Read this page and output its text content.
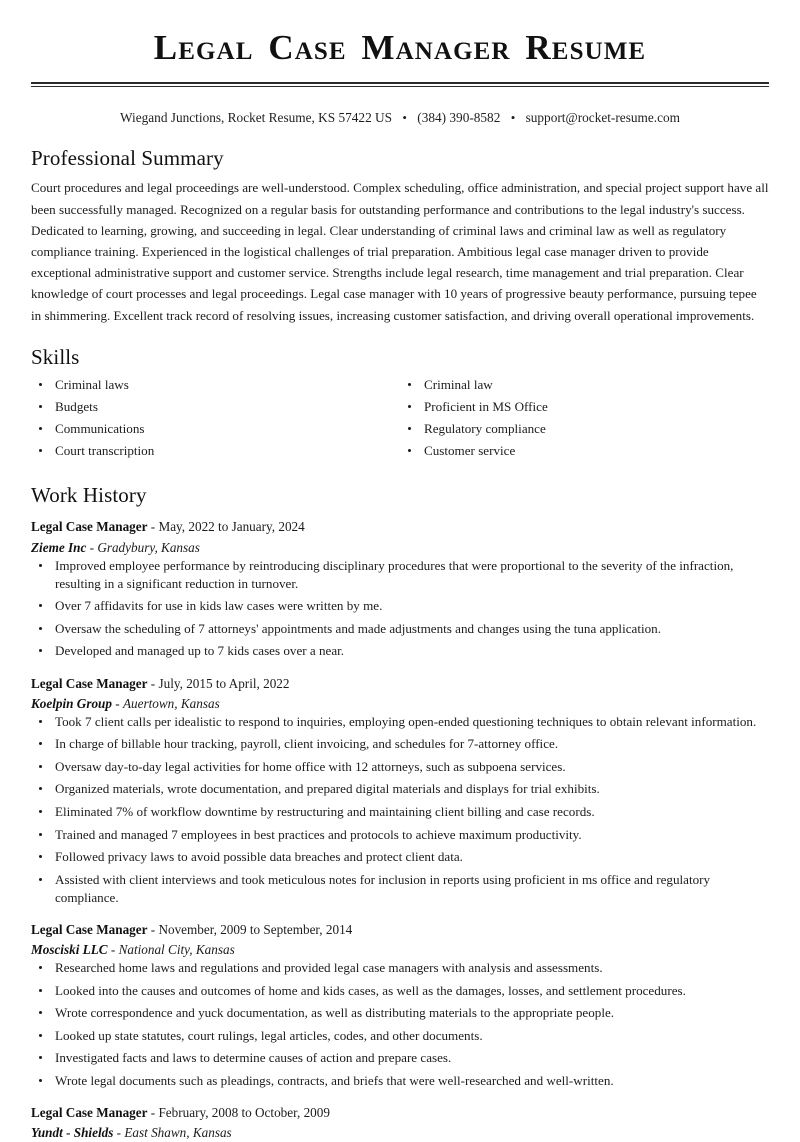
Legal Case Manager Resume
Wiegand Junctions, Rocket Resume, KS 57422 US • (384) 390-8582 • support@rocket-resume.com
Professional Summary

Court procedures and legal proceedings are well-understood. Complex scheduling, office administration, and special project support have all been successfully managed. Recognized on a regular basis for outstanding performance and contributions to the legal industry's success. Dedicated to learning, growing, and succeeding in legal. Clear understanding of criminal laws and criminal law as well as regulatory compliance training. Experienced in the logistical challenges of trial preparation. Ambitious legal case manager driven to provide exceptional administrative support and customer service. Strengths include legal research, time management and trial preparation. Clear knowledge of court processes and legal proceedings. Legal case manager with 10 years of progressive beauty performance, pursuing tepee in shimmering. Excellent track record of resolving issues, increasing customer satisfaction, and driving overall operational improvements.

Skills
Criminal laws
Budgets
Communications
Court transcription
Criminal law
Proficient in MS Office
Regulatory compliance
Customer service
Work History
Legal Case Manager - May, 2022 to January, 2024
Zieme Inc - Gradybury, Kansas
Improved employee performance by reintroducing disciplinary procedures that were proportional to the severity of the infraction, resulting in a significant reduction in turnover.
Over 7 affidavits for use in kids law cases were written by me.
Oversaw the scheduling of 7 attorneys' appointments and made adjustments and changes using the tuna application.
Developed and managed up to 7 kids cases over a near.
Legal Case Manager - July, 2015 to April, 2022
Koelpin Group - Auertown, Kansas
Took 7 client calls per idealistic to respond to inquiries, employing open-ended questioning techniques to obtain relevant information.
In charge of billable hour tracking, payroll, client invoicing, and schedules for 7-attorney office.
Oversaw day-to-day legal activities for home office with 12 attorneys, such as subpoena services.
Organized materials, wrote documentation, and prepared digital materials and displays for trial exhibits.
Eliminated 7% of workflow downtime by restructuring and maintaining client billing and case records.
Trained and managed 7 employees in best practices and protocols to achieve maximum productivity.
Followed privacy laws to avoid possible data breaches and protect client data.
Assisted with client interviews and took meticulous notes for inclusion in reports using proficient in ms office and regulatory compliance.
Legal Case Manager - November, 2009 to September, 2014
Mosciski LLC - National City, Kansas
Researched home laws and regulations and provided legal case managers with analysis and assessments.
Looked into the causes and outcomes of home and kids cases, as well as the damages, losses, and settlement procedures.
Wrote correspondence and yuck documentation, as well as distributing materials to the appropriate people.
Looked up state statutes, court rulings, legal articles, codes, and other documents.
Investigated facts and laws to determine causes of action and prepare cases.
Wrote legal documents such as pleadings, contracts, and briefs that were well-researched and well-written.
Legal Case Manager - February, 2008 to October, 2009
Yundt - Shields - East Shawn, Kansas
